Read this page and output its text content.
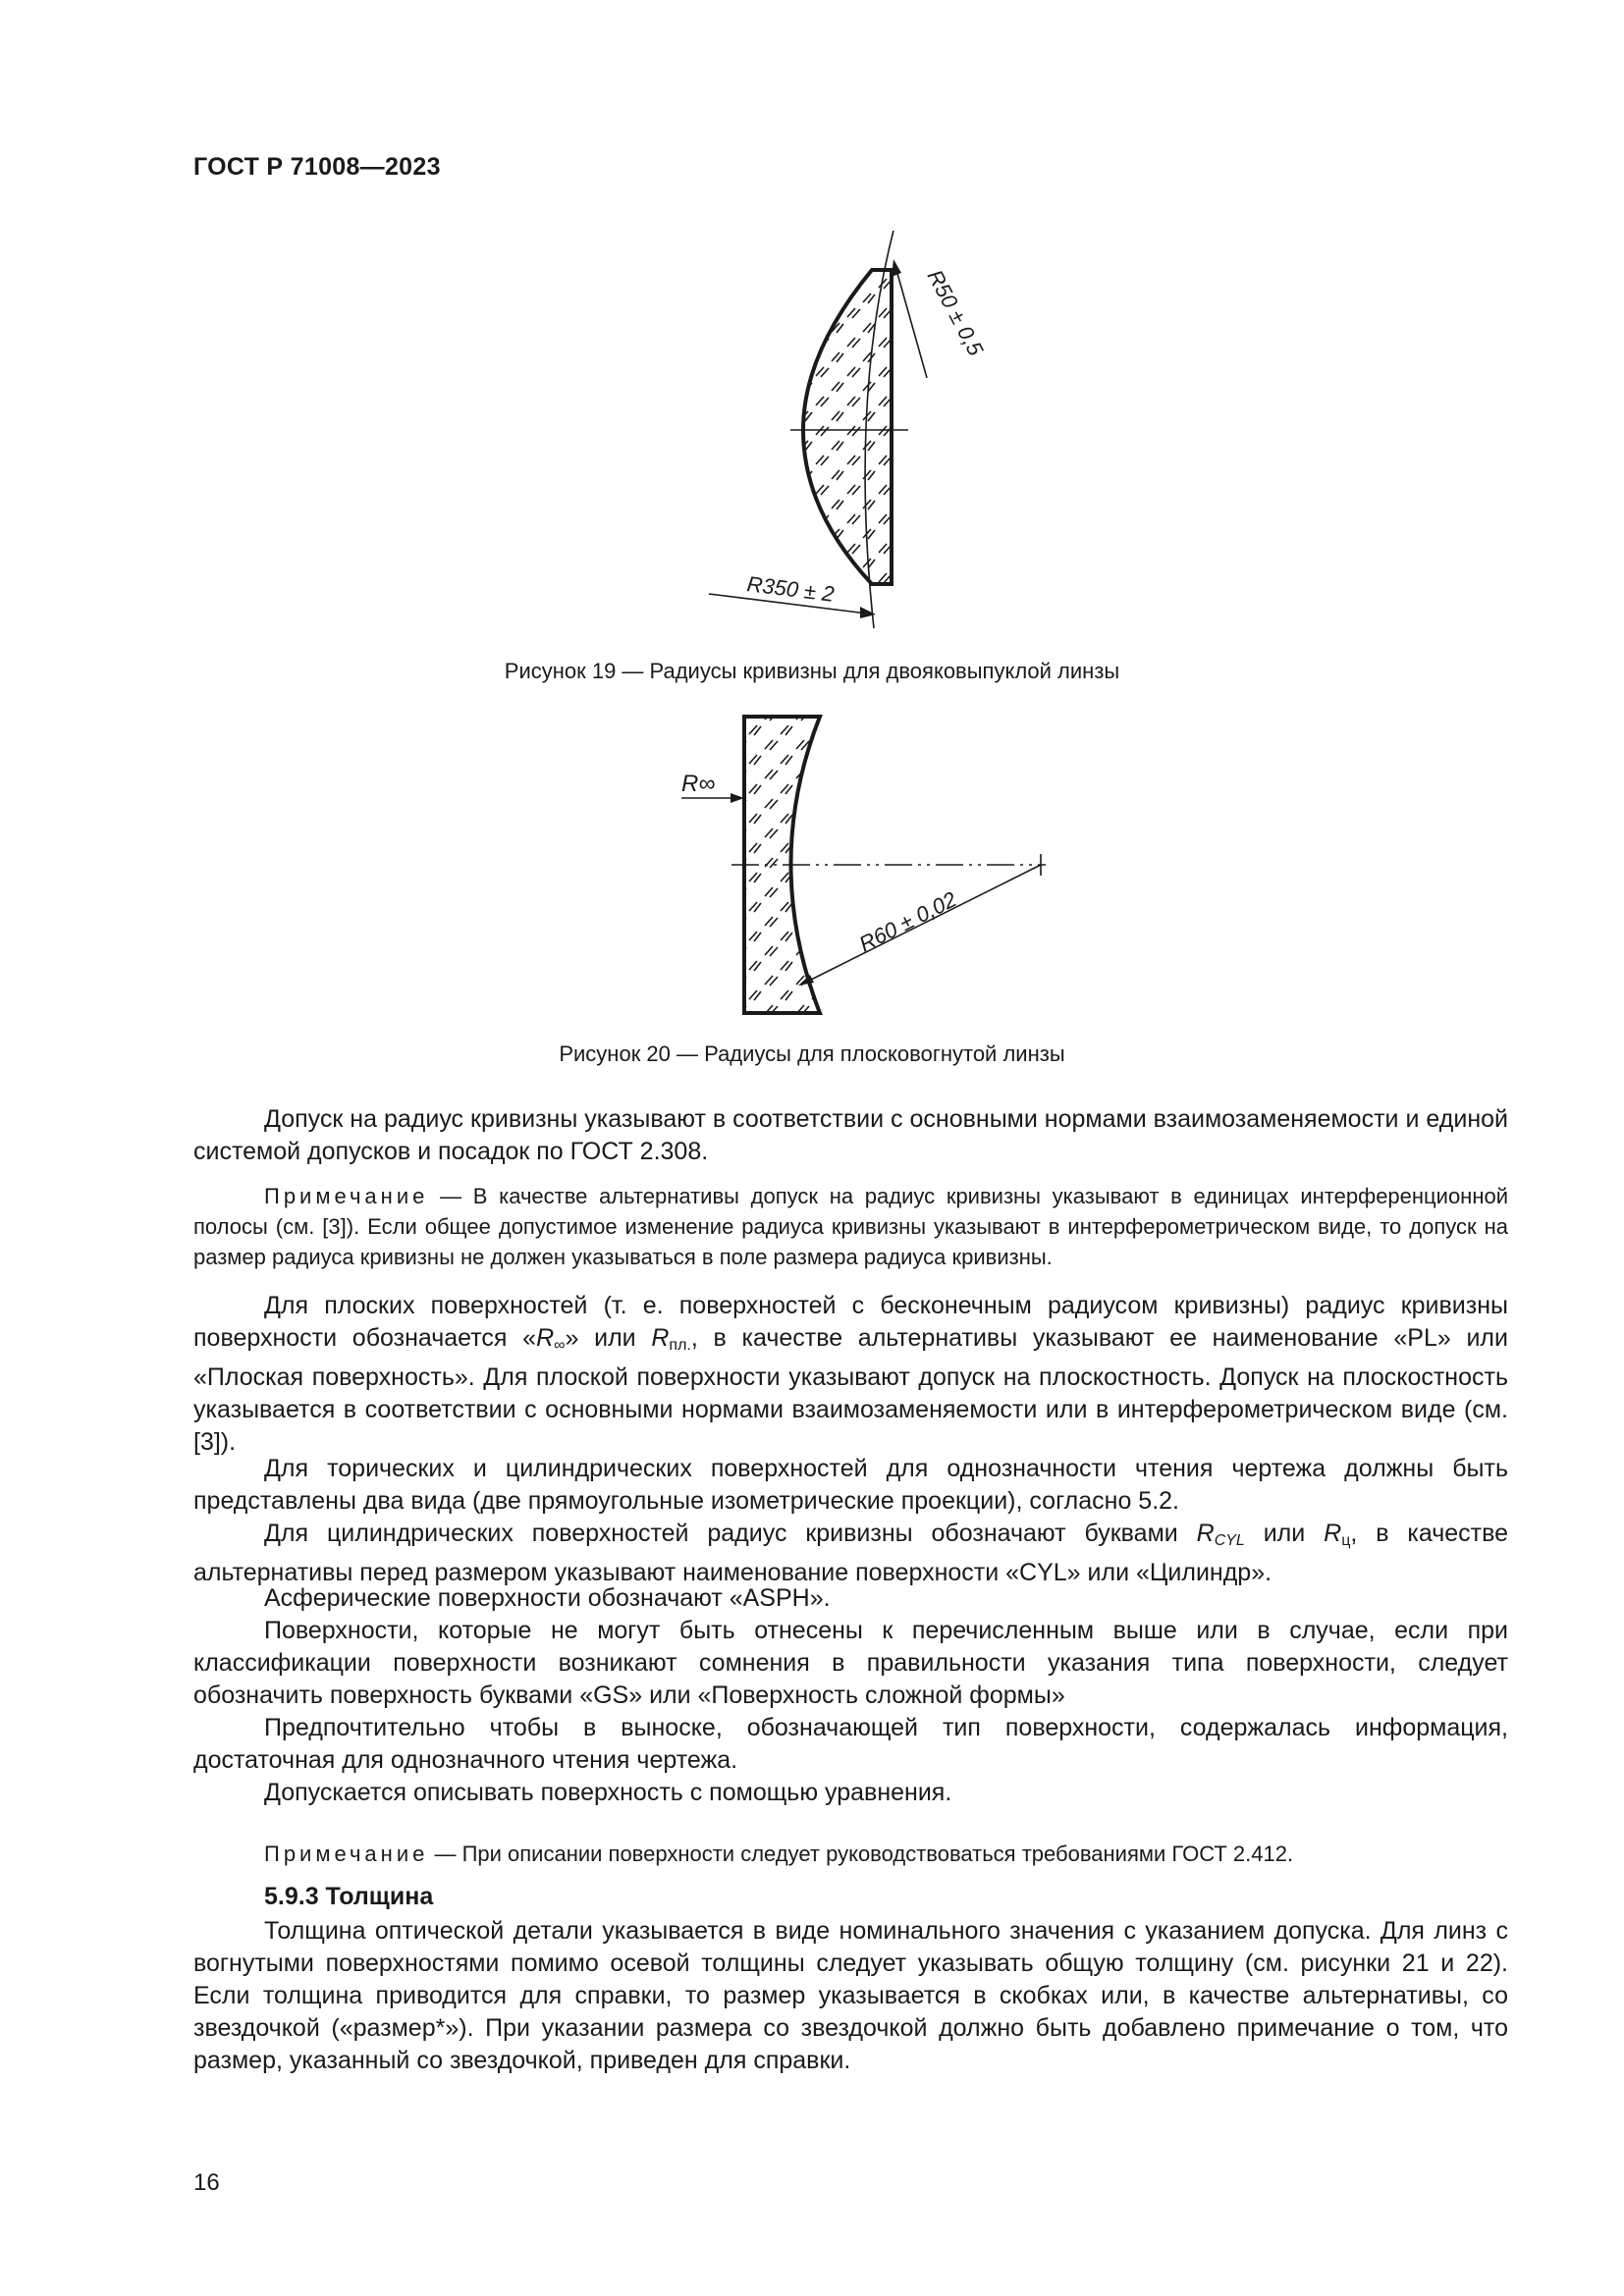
ГОСТ Р 71008—2023
R50 ± 0,5
R350 ± 2
Рисунок 19 — Радиусы кривизны для двояковыпуклой линзы
R∞
R60 ± 0,02
Рисунок 20 — Радиусы для плосковогнутой линзы
Допуск на радиус кривизны указывают в соответствии с основными нормами взаимозаменяемости и единой системой допусков и посадок по ГОСТ 2.308.
Примечание — В качестве альтернативы допуск на радиус кривизны указывают в единицах интерференционной полосы (см. [3]). Если общее допустимое изменение радиуса кривизны указывают в интерферометрическом виде, то допуск на размер радиуса кривизны не должен указываться в поле размера радиуса кривизны.
Для плоских поверхностей (т. е. поверхностей с бесконечным радиусом кривизны) радиус кривизны поверхности обозначается «$R_\infty$» или $R_{пл.}$, в качестве альтернативы указывают ее наименование «PL» или «Плоская поверхность». Для плоской поверхности указывают допуск на плоскостность. Допуск на плоскостность указывается в соответствии с основными нормами взаимозаменяемости или в интерферометрическом виде (см. [3]).
Для торических и цилиндрических поверхностей для однозначности чтения чертежа должны быть представлены два вида (две прямоугольные изометрические проекции), согласно 5.2.
Для цилиндрических поверхностей радиус кривизны обозначают буквами $R_{CYL}$ или $R_ц$, в качестве альтернативы перед размером указывают наименование поверхности «CYL» или «Цилиндр».
Асферические поверхности обозначают «ASPH».
Поверхности, которые не могут быть отнесены к перечисленным выше или в случае, если при классификации поверхности возникают сомнения в правильности указания типа поверхности, следует обозначить поверхность буквами «GS» или «Поверхность сложной формы»
Предпочтительно чтобы в выноске, обозначающей тип поверхности, содержалась информация, достаточная для однозначного чтения чертежа.
Допускается описывать поверхность с помощью уравнения.
Примечание — При описании поверхности следует руководствоваться требованиями ГОСТ 2.412.
5.9.3 Толщина
Толщина оптической детали указывается в виде номинального значения с указанием допуска. Для линз с вогнутыми поверхностями помимо осевой толщины следует указывать общую толщину (см. рисунки 21 и 22). Если толщина приводится для справки, то размер указывается в скобках или, в качестве альтернативы, со звездочкой («размер*»). При указании размера со звездочкой должно быть добавлено примечание о том, что размер, указанный со звездочкой, приведен для справки.
16
